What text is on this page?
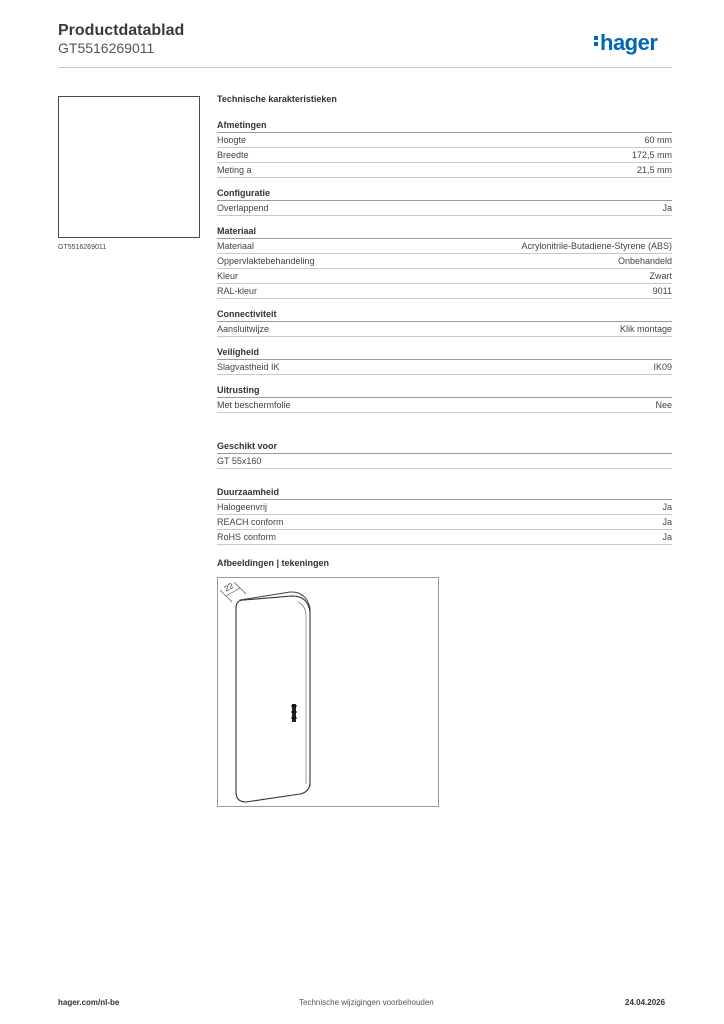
Productdatablad
GT5516269011	hager
GT5516269011
Technische karakteristieken
Afmetingen
Hoogte	60 mm
Breedte	172,5 mm
Meting a	21,5 mm
Configuratie
Overlappend	Ja
Materiaal
Materiaal	Acrylonitrile-Butadiene-Styrene (ABS)
Oppervlaktebehandeling	Onbehandeld
Kleur	Zwart
RAL-kleur	9011
Connectiviteit
Aansluitwijze	Klik montage
Veiligheid
Slagvastheid IK	IK09
Uitrusting
Met beschermfolie	Nee
Geschikt voor
GT 55x160
Duurzaamheid
Halogeenvrij	Ja
REACH conform	Ja
RoHS conform	Ja
Afbeeldingen | tekeningen
22
hager.com/nl-be	Technische wijzigingen voorbehouden	24.04.2026
